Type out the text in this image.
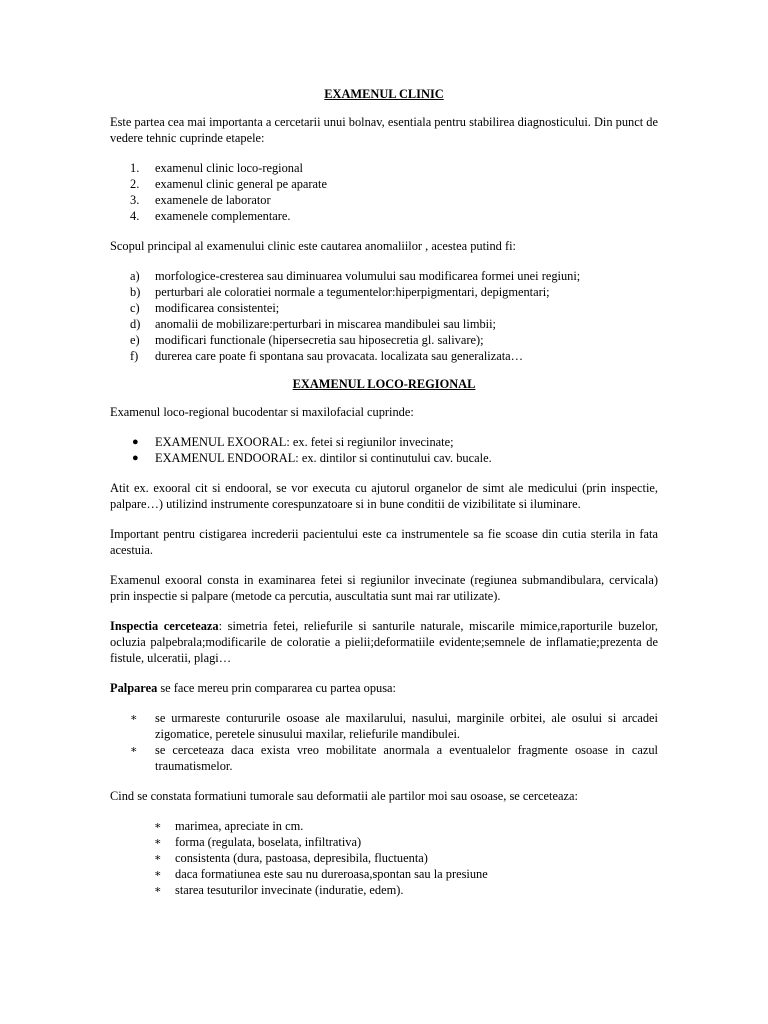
EXAMENUL CLINIC

Este partea cea mai importanta a cercetarii unui bolnav, esentiala pentru stabilirea diagnosticului. Din punct de vedere tehnic cuprinde etapele:

1.	examenul clinic loco-regional
2.	examenul clinic general pe aparate
3.	examenele de laborator
4.	examenele complementare.

Scopul principal al examenului clinic este cautarea anomaliilor , acestea putind fi:

a)	morfologice-cresterea sau diminuarea volumului sau modificarea formei unei regiuni;
b)	perturbari ale coloratiei normale a tegumentelor:hiperpigmentari, depigmentari;
c)	modificarea consistentei;
d)	anomalii de mobilizare:perturbari in miscarea mandibulei sau limbii;
e)	modificari functionale (hipersecretia sau hiposecretia gl. salivare);
f)	durerea care poate fi spontana sau provacata. localizata sau generalizata…
EXAMENUL LOCO-REGIONAL

Examenul loco-regional bucodentar si maxilofacial cuprinde:

●	EXAMENUL EXOORAL: ex. fetei si regiunilor invecinate;
●	EXAMENUL ENDOORAL: ex. dintilor si continutului cav. bucale.

Atit ex. exooral cit si endooral, se vor executa cu ajutorul organelor de simt ale medicului (prin inspectie, palpare…) utilizind instrumente corespunzatoare si in bune conditii de vizibilitate si iluminare.

Important pentru cistigarea increderii pacientului este ca instrumentele sa fie scoase din cutia sterila in fata acestuia.

Examenul exooral consta in examinarea fetei si regiunilor invecinate (regiunea submandibulara, cervicala) prin inspectie si palpare (metode ca percutia, auscultatia sunt mai rar utilizate).

Inspectia cerceteaza: simetria fetei, reliefurile si santurile naturale, miscarile mimice,raporturile buzelor, ocluzia palpebrala;modificarile de coloratie a pielii;deformatiile evidente;semnele de inflamatie;prezenta de fistule, ulceratii, plagi…

Palparea se face mereu prin compararea cu partea opusa:

∗	se urmareste contururile osoase ale maxilarului, nasului, marginile orbitei, ale osului si arcadei zigomatice, peretele sinusului maxilar, reliefurile mandibulei.
∗	se cerceteaza daca exista vreo mobilitate anormala a eventualelor fragmente osoase in cazul traumatismelor.

Cind se constata formatiuni tumorale sau deformatii ale partilor moi sau osoase, se cerceteaza:

∗	marimea, apreciate in cm.
∗	forma (regulata, boselata, infiltrativa)
∗	consistenta (dura, pastoasa, depresibila, fluctuenta)
∗	daca formatiunea este sau nu dureroasa,spontan sau la presiune
∗	starea tesuturilor invecinate (induratie, edem).
